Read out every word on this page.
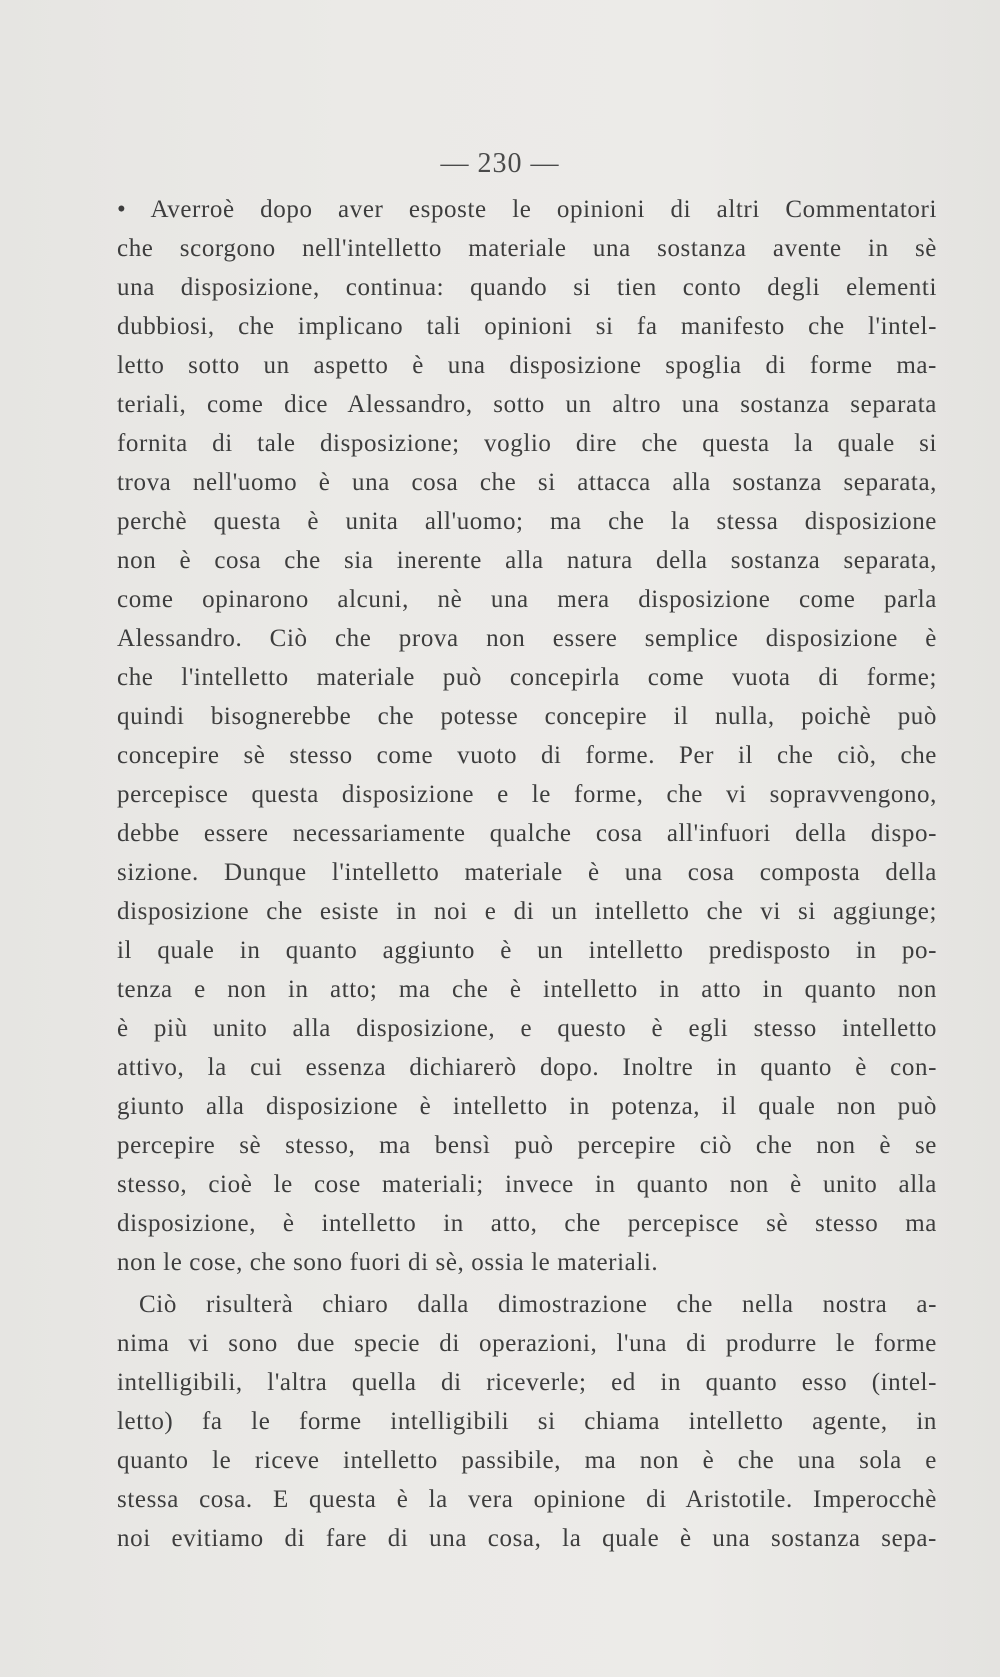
— 230 —
• Averroè dopo aver esposte le opinioni di altri Commentatori
che scorgono nell'intelletto materiale una sostanza avente in sè
una disposizione, continua: quando si tien conto degli elementi
dubbiosi, che implicano tali opinioni si fa manifesto che l'intel-
letto sotto un aspetto è una disposizione spoglia di forme ma-
teriali, come dice Alessandro, sotto un altro una sostanza separata
fornita di tale disposizione; voglio dire che questa la quale si
trova nell'uomo è una cosa che si attacca alla sostanza separata,
perchè questa è unita all'uomo; ma che la stessa disposizione
non è cosa che sia inerente alla natura della sostanza separata,
come opinarono alcuni, nè una mera disposizione come parla
Alessandro. Ciò che prova non essere semplice disposizione è
che l'intelletto materiale può concepirla come vuota di forme;
quindi bisognerebbe che potesse concepire il nulla, poichè può
concepire sè stesso come vuoto di forme. Per il che ciò, che
percepisce questa disposizione e le forme, che vi sopravvengono,
debbe essere necessariamente qualche cosa all'infuori della dispo-
sizione. Dunque l'intelletto materiale è una cosa composta della
disposizione che esiste in noi e di un intelletto che vi si aggiunge;
il quale in quanto aggiunto è un intelletto predisposto in po-
tenza e non in atto; ma che è intelletto in atto in quanto non
è più unito alla disposizione, e questo è egli stesso intelletto
attivo, la cui essenza dichiarerò dopo. Inoltre in quanto è con-
giunto alla disposizione è intelletto in potenza, il quale non può
percepire sè stesso, ma bensì può percepire ciò che non è se
stesso, cioè le cose materiali; invece in quanto non è unito alla
disposizione, è intelletto in atto, che percepisce sè stesso ma
non le cose, che sono fuori di sè, ossia le materiali.
Ciò risulterà chiaro dalla dimostrazione che nella nostra a-
nima vi sono due specie di operazioni, l'una di produrre le forme
intelligibili, l'altra quella di riceverle; ed in quanto esso (intel-
letto) fa le forme intelligibili si chiama intelletto agente, in
quanto le riceve intelletto passibile, ma non è che una sola e
stessa cosa. E questa è la vera opinione di Aristotile. Imperocchè
noi evitiamo di fare di una cosa, la quale è una sostanza sepa-
